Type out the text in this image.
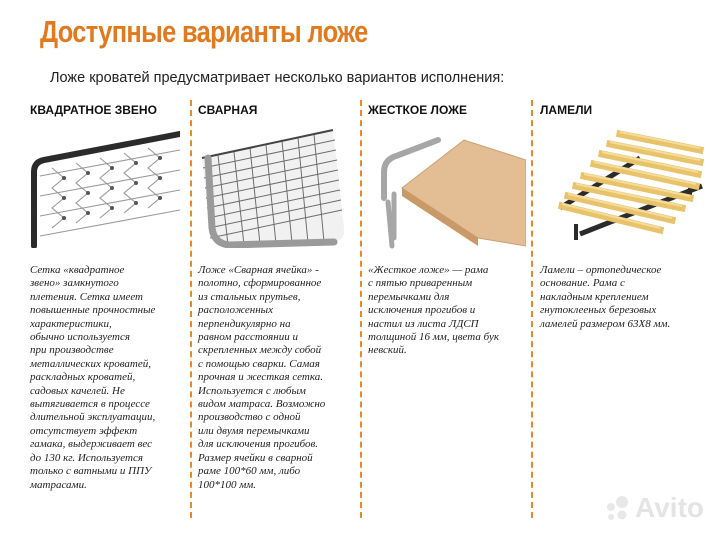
Доступные варианты ложе
Ложе кроватей предусматривает несколько вариантов исполнения:
КВАДРАТНОЕ ЗВЕНО

Сетка «квадратное
звено» замкнутого
плетения. Сетка имеет
повышенные прочностные
характеристики,
обычно используется
при производстве
металлических кроватей,
раскладных кроватей,
садовых качелей. Не
вытягивается в процессе
длительной эксплуатации,
отсутствует эффект
гамака, выдерживает вес
до 130 кг. Используется
только с ватными и ППУ
матрасами.

СВАРНАЯ

Ложе «Сварная ячейка» -
полотно, сформированное
из стальных прутьев,
расположенных
перпендикулярно на
равном расстоянии и
скрепленных между собой
с помощью сварки. Самая
прочная и жесткая сетка.
Используется с любым
видом матраса. Возможно
производство с одной
или двумя перемычками
для исключения прогибов.
Размер ячейки в сварной
раме 100*60 мм, либо
100*100 мм.

ЖЕСТКОЕ ЛОЖЕ

«Жесткое ложе» — рама
с пятью приваренным
перемычками для
исключения прогибов и
настил из листа ЛДСП
толщиной 16 мм, цвета бук
невский.

ЛАМЕЛИ

Ламели – ортопедическое
основание. Рама с
накладным креплением
гнутоклееных березовых
ламелей размером 63Х8 мм.

Avito
